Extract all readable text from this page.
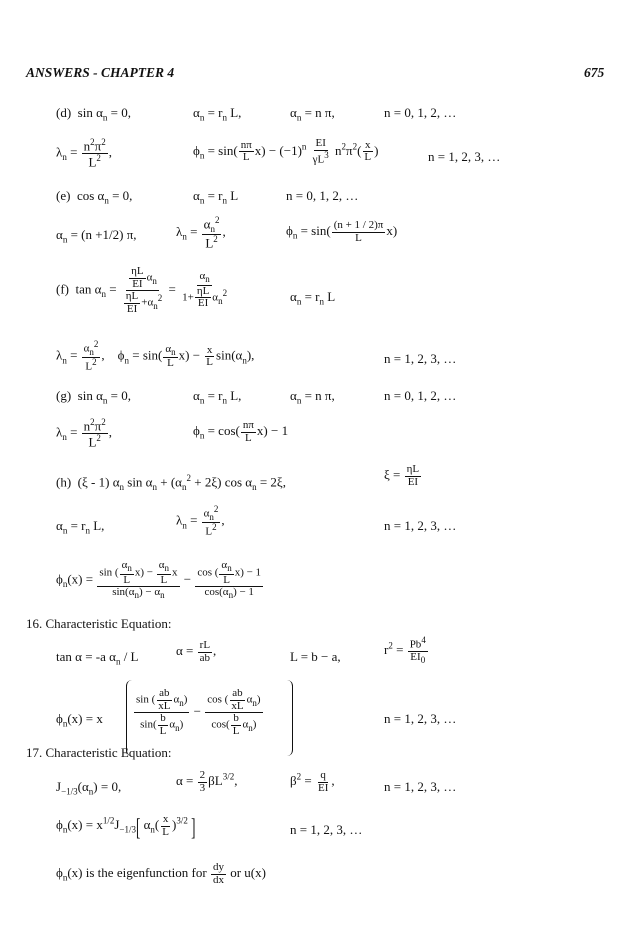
ANSWERS - CHAPTER 4	675
(d) $\sin \alpha_n = 0$,	$\alpha_n = r_n$ L,	$\alpha_n = n$ π,	n = 0, 1, 2, …
$\lambda_n = \frac{n^2\pi^2}{L^2}$ ,	$\phi_n = \sin( \frac{n\pi}{L} x) - (-1)^n \frac{EI}{\gamma L^3} n^2\pi^2( \frac{x}{L}$ )	n = 1, 2, 3, …
(e)  $\cos \alpha_n = 0$,	$\alpha_n = r_n$ L	n = 0, 1, 2, …
$\alpha_n = (n +1/2)$ π,	$\lambda_n = \frac{\alpha_n^2}{L^2}$ ,	$\phi_n = \sin( \frac{(n + 1 / 2)\pi}{L} x)$
(f)  $\tan \alpha_n = \frac{\frac{\eta L}{EI} \alpha_n}{\frac{\eta L}{EI} +\alpha_n^2} = \frac{\alpha_n}{1+ \frac{\eta L}{EI} \alpha_n^2}$	$\alpha_n = r_n$ L
$\lambda_n = \frac{\alpha_n^2}{L^2}$ ,    $\phi_n = \sin( \frac{\alpha_n}{L} x) - \frac{x}{L} \sin(\alpha_n)$,	n = 1, 2, 3, …
(g)  $\sin \alpha_n = 0$,	$\alpha_n = r_n$ L,	$\alpha_n = n$ π,	n = 0, 1, 2, …
$\lambda_n = \frac{n^2\pi^2}{L^2}$ ,	$\phi_n = \cos( \frac{n\pi}{L} x) - 1$
(h)  (ξ - 1) $\alpha_n$ $\sin \alpha_n + (\alpha_n^2 + 2\xi)$ $\cos \alpha_n = 2\xi$,	$\xi = \frac{\eta L}{EI}$
$\alpha_n = r_n$ L,	$\lambda_n = \frac{\alpha_n^2}{L^2}$ ,	n = 1, 2, 3, …
$\phi_n(x) = \frac{\sin ( \frac{\alpha_n}{L} x) - \frac{\alpha_n}{L} x}{\sin(\alpha_n) - \alpha_n} - \frac{\cos ( \frac{\alpha_n}{L} x) - 1}{\cos(\alpha_n) - 1}$
16. Characteristic Equation:
tan α = -a $\alpha_n$ / L	$\alpha = \frac{rL}{ab}$ ,	L = b − a,	$r^2 = \frac{Pb^4}{EI_0}$
$\phi_n(x) = x$	$\frac{\sin ( \frac{ab}{xL} \alpha_n)}{\sin( \frac{b}{L} \alpha_n)} - \frac{\cos ( \frac{ab}{xL} \alpha_n)}{\cos( \frac{b}{L} \alpha_n)}$	n = 1, 2, 3, …
17. Characteristic Equation:
$J_{-1/3}(\alpha_n) = 0$,	$\alpha = \frac{2}{3} \beta L^{3/2}$,	$\beta^2 = \frac{q}{EI}$ ,	n = 1, 2, 3, …
$\phi_n(x) = x^{1/2}J_{-1/3}$[ $\alpha_n( \frac{x}{L} )^{3/2}$ ]	n = 1, 2, 3, …
$\phi_n(x)$ is the eigenfunction for $\frac{dy}{dx}$ or u(x)
